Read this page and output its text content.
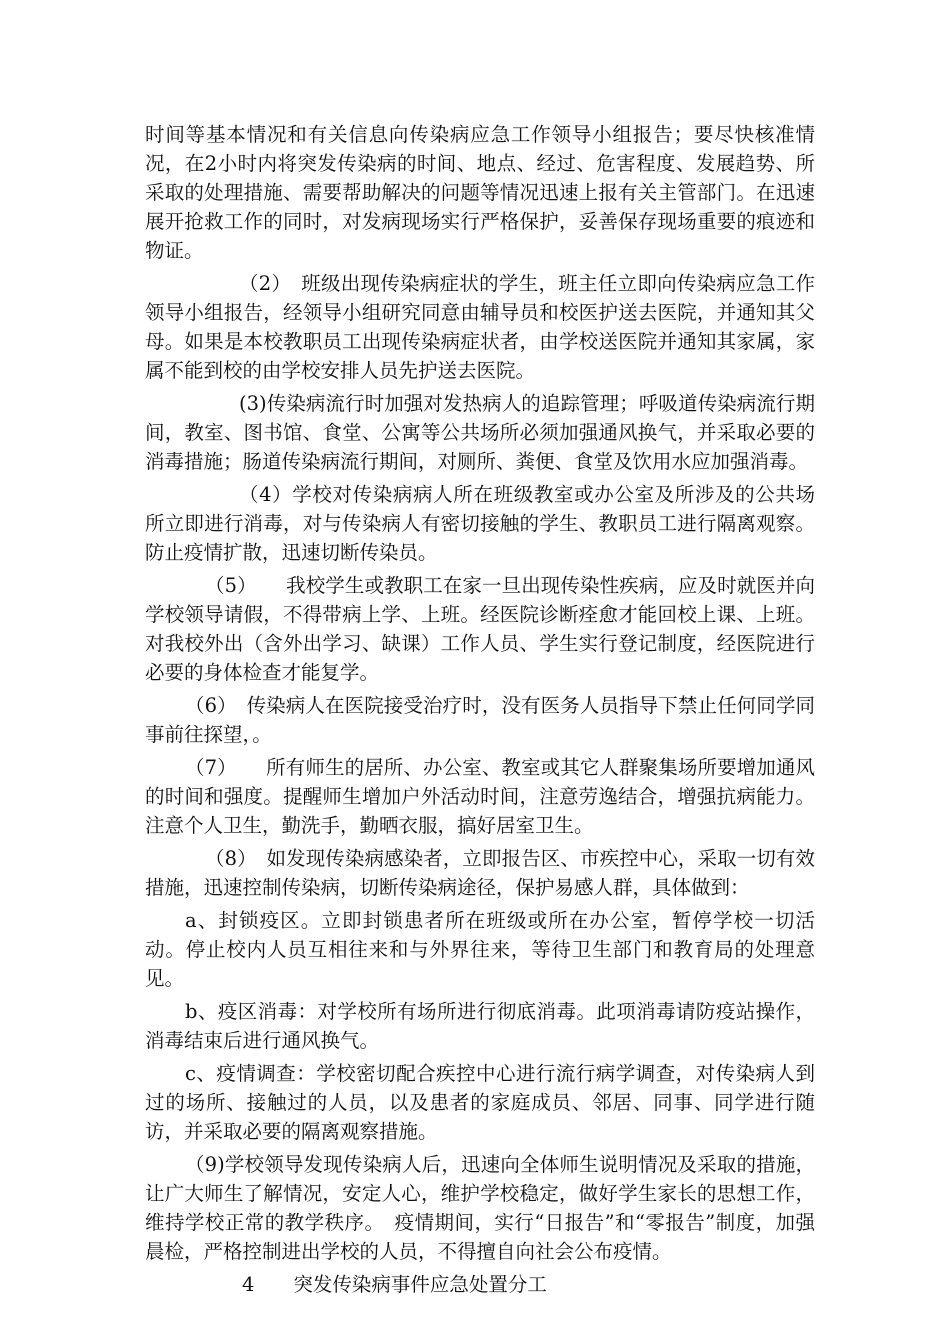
时间等基本情况和有关信息向传染病应急工作领导小组报告；要尽快核准情况，在2小时内将突发传染病的时间、地点、经过、危害程度、发展趋势、所采取的处理措施、需要帮助解决的问题等情况迅速上报有关主管部门。在迅速展开抢救工作的同时，对发病现场实行严格保护，妥善保存现场重要的痕迹和物证。

（2）　班级出现传染病症状的学生，班主任立即向传染病应急工作领导小组报告，经领导小组研究同意由辅导员和校医护送去医院，并通知其父母。如果是本校教职员工出现传染病症状者，由学校送医院并通知其家属，家属不能到校的由学校安排人员先护送去医院。

(3)传染病流行时加强对发热病人的追踪管理；呼吸道传染病流行期间，教室、图书馆、食堂、公寓等公共场所必须加强通风换气，并采取必要的消毒措施；肠道传染病流行期间，对厕所、粪便、食堂及饮用水应加强消毒。

（4）学校对传染病病人所在班级教室或办公室及所涉及的公共场所立即进行消毒，对与传染病人有密切接触的学生、教职员工进行隔离观察。防止疫情扩散，迅速切断传染员。

（5）　　我校学生或教职工在家一旦出现传染性疾病，应及时就医并向学校领导请假，不得带病上学、上班。经医院诊断痊愈才能回校上课、上班。对我校外出（含外出学习、缺课）工作人员、学生实行登记制度，经医院进行必要的身体检查才能复学。

（6）　传染病人在医院接受治疗时，没有医务人员指导下禁止任何同学同事前往探望，。

（7）　　所有师生的居所、办公室、教室或其它人群聚集场所要增加通风的时间和强度。提醒师生增加户外活动时间，注意劳逸结合，增强抗病能力。注意个人卫生，勤洗手，勤晒衣服，搞好居室卫生。

（8）　如发现传染病感染者，立即报告区、市疾控中心，采取一切有效措施，迅速控制传染病，切断传染病途径，保护易感人群，具体做到：

a、封锁疫区。立即封锁患者所在班级或所在办公室，暂停学校一切活动。停止校内人员互相往来和与外界往来，等待卫生部门和教育局的处理意见。

b、疫区消毒：对学校所有场所进行彻底消毒。此项消毒请防疫站操作，消毒结束后进行通风换气。

c、疫情调查：学校密切配合疾控中心进行流行病学调查，对传染病人到过的场所、接触过的人员，以及患者的家庭成员、邻居、同事、同学进行随访，并采取必要的隔离观察措施。

（9)学校领导发现传染病人后，迅速向全体师生说明情况及采取的措施，让广大师生了解情况，安定人心，维护学校稳定，做好学生家长的思想工作，维持学校正常的教学秩序。　疫情期间，实行“日报告”和“零报告”制度，加强晨检，严格控制进出学校的人员，不得擅自向社会公布疫情。

4　　突发传染病事件应急处置分工
